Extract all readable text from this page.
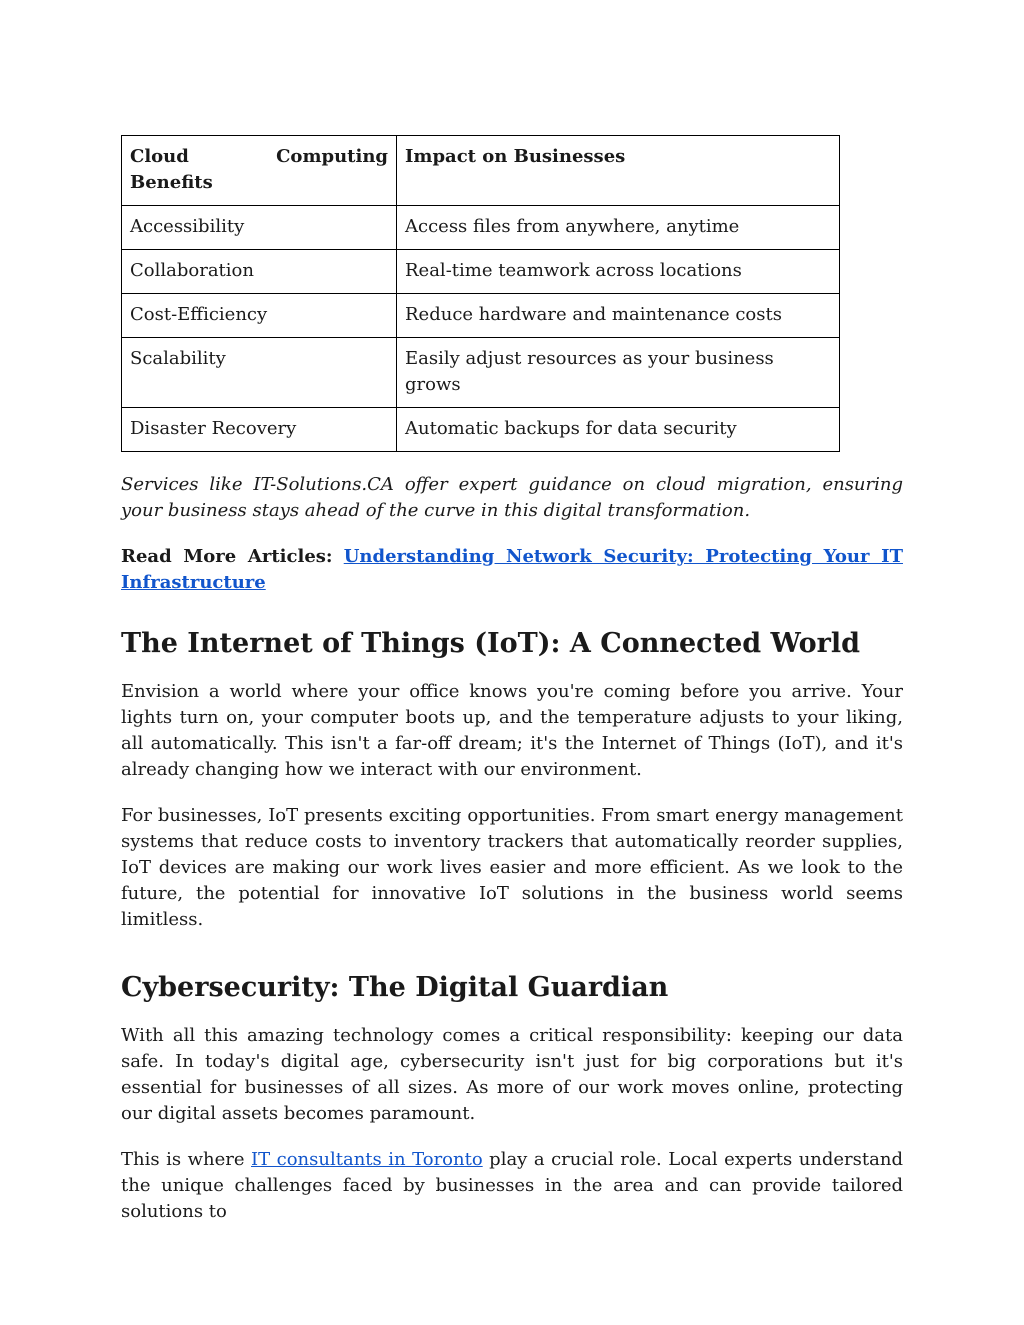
Cloud Computing Benefits	Impact on Businesses
Accessibility	Access files from anywhere, anytime
Collaboration	Real-time teamwork across locations
Cost-Efficiency	Reduce hardware and maintenance costs
Scalability	Easily adjust resources as your business grows
Disaster Recovery	Automatic backups for data security

Services like IT-Solutions.CA offer expert guidance on cloud migration, ensuring your business stays ahead of the curve in this digital transformation.

Read More Articles: Understanding Network Security: Protecting Your IT Infrastructure

The Internet of Things (IoT): A Connected World

Envision a world where your office knows you're coming before you arrive. Your lights turn on, your computer boots up, and the temperature adjusts to your liking, all automatically. This isn't a far-off dream; it's the Internet of Things (IoT), and it's already changing how we interact with our environment.

For businesses, IoT presents exciting opportunities. From smart energy management systems that reduce costs to inventory trackers that automatically reorder supplies, IoT devices are making our work lives easier and more efficient. As we look to the future, the potential for innovative IoT solutions in the business world seems limitless.

Cybersecurity: The Digital Guardian

With all this amazing technology comes a critical responsibility: keeping our data safe. In today's digital age, cybersecurity isn't just for big corporations but it's essential for businesses of all sizes. As more of our work moves online, protecting our digital assets becomes paramount.

This is where IT consultants in Toronto play a crucial role. Local experts understand the unique challenges faced by businesses in the area and can provide tailored solutions to
